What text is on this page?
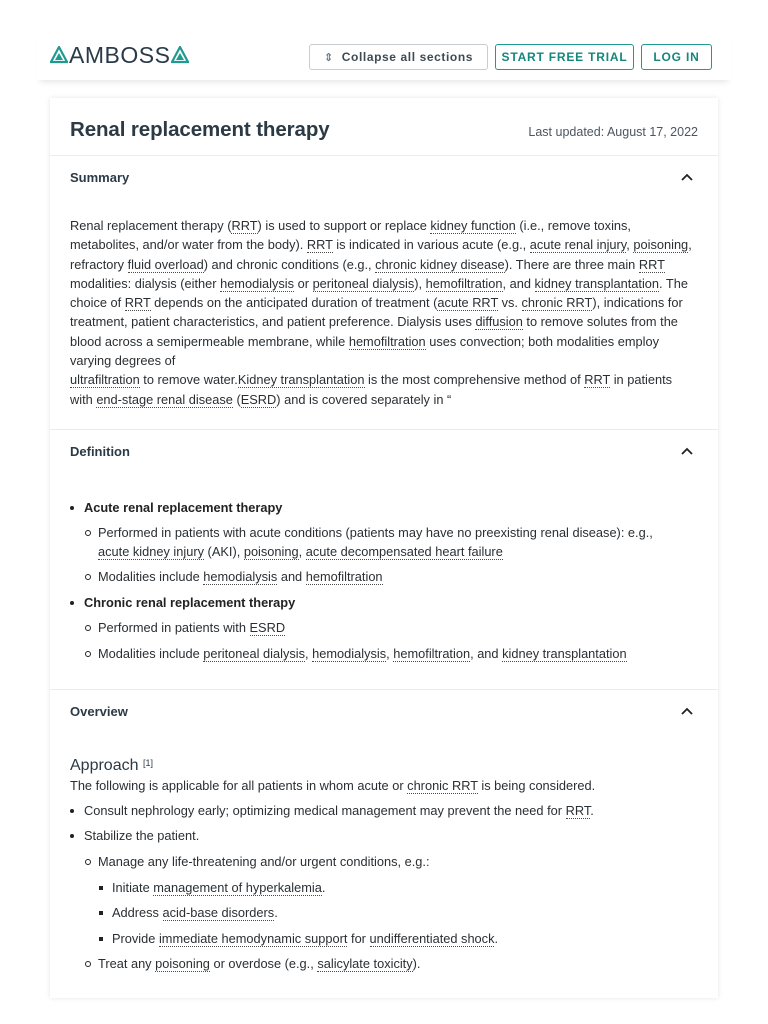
AMBOSS	⇕ Collapse all sections START FREE TRIAL LOG IN
Renal replacement therapy	Last updated: August 17, 2022
Summary

Renal replacement therapy (RRT) is used to support or replace kidney function (i.e., remove toxins, metabolites, and/or water from the body). RRT is indicated in various acute (e.g., acute renal injury, poisoning, refractory fluid overload) and chronic conditions (e.g., chronic kidney disease). There are three main RRT modalities: dialysis (either hemodialysis or peritoneal dialysis), hemofiltration, and kidney transplantation. The choice of RRT depends on the anticipated duration of treatment (acute RRT vs. chronic RRT), indications for treatment, patient characteristics, and patient preference. Dialysis uses diffusion to remove solutes from the blood across a semipermeable membrane, while hemofiltration uses convection; both modalities employ varying degrees of

ultrafiltration to remove water.Kidney transplantation is the most comprehensive method of RRT in patients with end-stage renal disease (ESRD) and is covered separately in “

Definition
Acute renal replacement therapy
Performed in patients with acute conditions (patients may have no preexisting renal disease): e.g.,
acute kidney injury (AKI), poisoning, acute decompensated heart failure
Modalities include hemodialysis and hemofiltration
Chronic renal replacement therapy
Performed in patients with ESRD
Modalities include peritoneal dialysis, hemodialysis, hemofiltration, and kidney transplantation
Overview
Approach [1]

The following is applicable for all patients in whom acute or chronic RRT is being considered.

Consult nephrology early; optimizing medical management may prevent the need for RRT.
Stabilize the patient.
Manage any life-threatening and/or urgent conditions, e.g.:
Initiate management of hyperkalemia.
Address acid-base disorders.
Provide immediate hemodynamic support for undifferentiated shock.
Treat any poisoning or overdose (e.g., salicylate toxicity).
